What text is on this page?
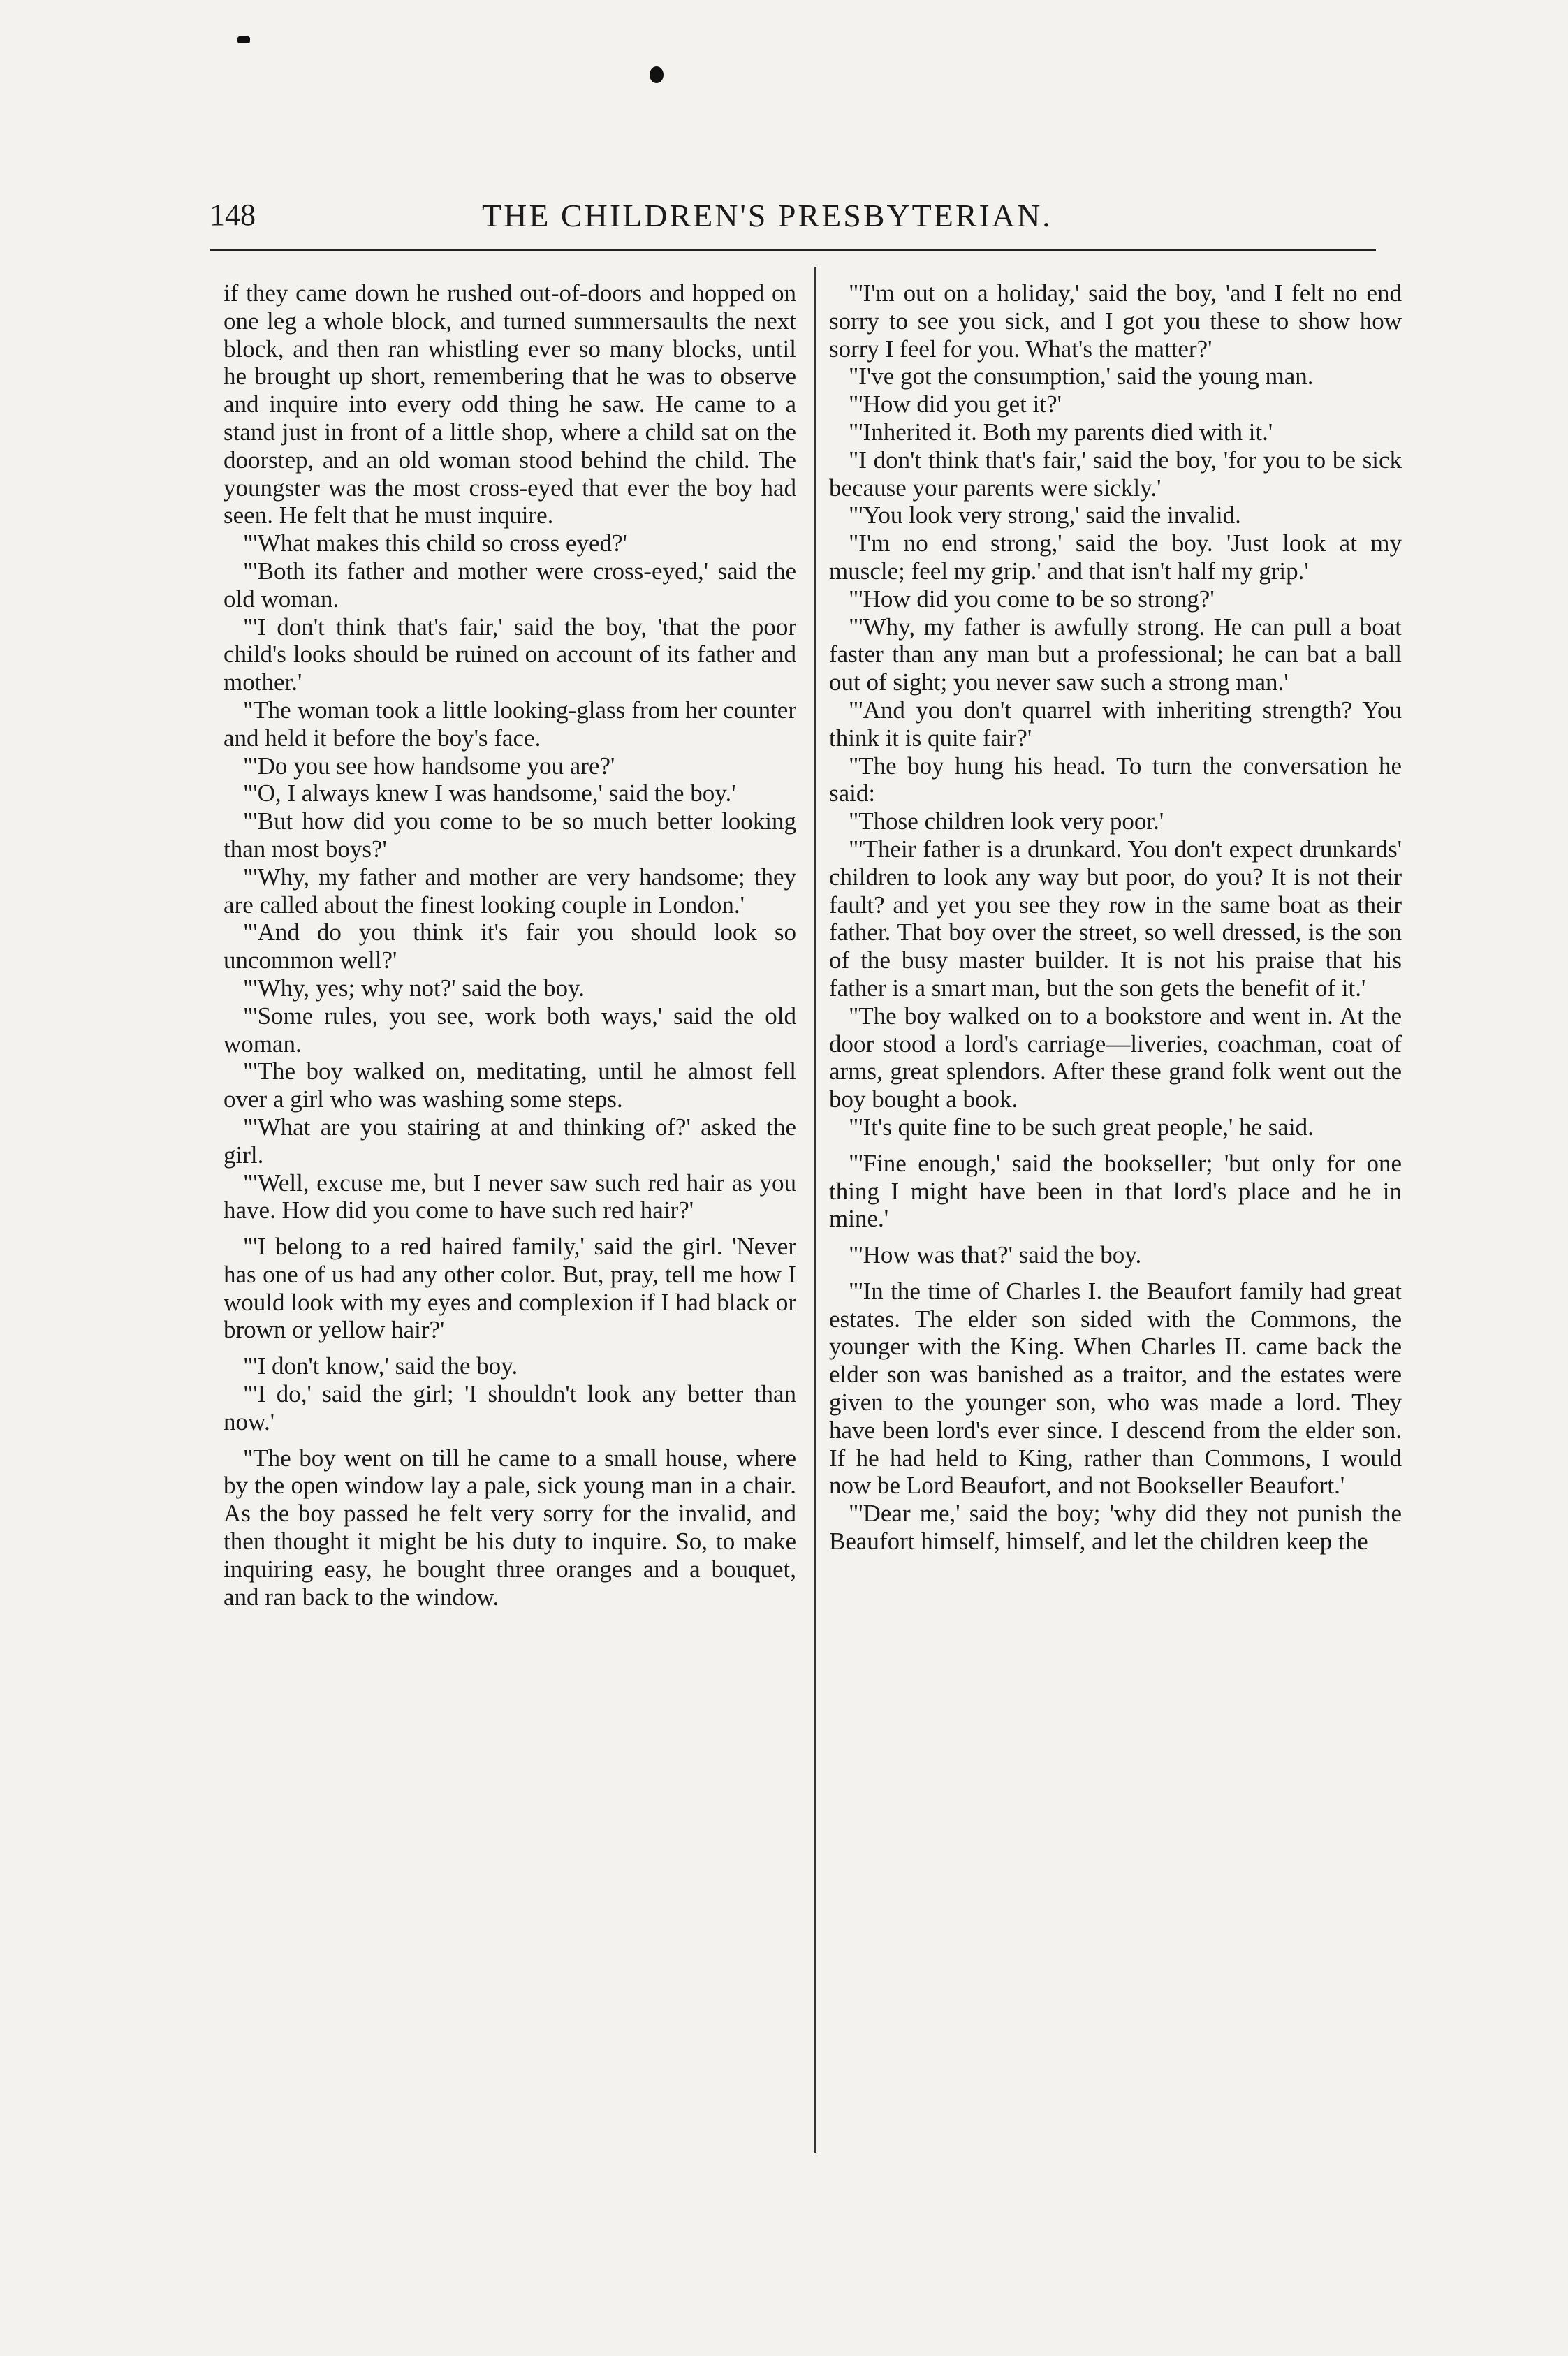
148	THE CHILDREN'S PRESBYTERIAN.

if they came down he rushed out-of-doors and hopped on one leg a whole block, and turned summersaults the next block, and then ran whistling ever so many blocks, until he brought up short, remembering that he was to observe and inquire into every odd thing he saw. He came to a stand just in front of a little shop, where a child sat on the doorstep, and an old woman stood behind the child. The youngster was the most cross-eyed that ever the boy had seen. He felt that he must inquire.

"'What makes this child so cross eyed?'

"'Both its father and mother were cross-eyed,' said the old woman.

"'I don't think that's fair,' said the boy, 'that the poor child's looks should be ruined on account of its father and mother.'

"The woman took a little looking-glass from her counter and held it before the boy's face.

"'Do you see how handsome you are?'

"'O, I always knew I was handsome,' said the boy.'

"'But how did you come to be so much better looking than most boys?'

"'Why, my father and mother are very handsome; they are called about the finest looking couple in London.'

"'And do you think it's fair you should look so uncommon well?'

"'Why, yes; why not?' said the boy.

"'Some rules, you see, work both ways,' said the old woman.

"'The boy walked on, meditating, until he almost fell over a girl who was washing some steps.

"'What are you stairing at and thinking of?' asked the girl.

"'Well, excuse me, but I never saw such red hair as you have. How did you come to have such red hair?'

"'I belong to a red haired family,' said the girl. 'Never has one of us had any other color. But, pray, tell me how I would look with my eyes and complexion if I had black or brown or yellow hair?'

"'I don't know,' said the boy.

"'I do,' said the girl; 'I shouldn't look any better than now.'

"The boy went on till he came to a small house, where by the open window lay a pale, sick young man in a chair. As the boy passed he felt very sorry for the invalid, and then thought it might be his duty to inquire. So, to make inquiring easy, he bought three oranges and a bouquet, and ran back to the window.

"'I'm out on a holiday,' said the boy, 'and I felt no end sorry to see you sick, and I got you these to show how sorry I feel for you. What's the matter?'

"I've got the consumption,' said the young man.

"'How did you get it?'

"'Inherited it. Both my parents died with it.'

"I don't think that's fair,' said the boy, 'for you to be sick because your parents were sickly.'

"'You look very strong,' said the invalid.

"I'm no end strong,' said the boy. 'Just look at my muscle; feel my grip.' and that isn't half my grip.'

"'How did you come to be so strong?'

"'Why, my father is awfully strong. He can pull a boat faster than any man but a professional; he can bat a ball out of sight; you never saw such a strong man.'

"'And you don't quarrel with inheriting strength? You think it is quite fair?'

"The boy hung his head. To turn the conversation he said:

"Those children look very poor.'

"'Their father is a drunkard. You don't expect drunkards' children to look any way but poor, do you? It is not their fault? and yet you see they row in the same boat as their father. That boy over the street, so well dressed, is the son of the busy master builder. It is not his praise that his father is a smart man, but the son gets the benefit of it.'

"The boy walked on to a bookstore and went in. At the door stood a lord's carriage—liveries, coachman, coat of arms, great splendors. After these grand folk went out the boy bought a book.

"'It's quite fine to be such great people,' he said.

"'Fine enough,' said the bookseller; 'but only for one thing I might have been in that lord's place and he in mine.'

"'How was that?' said the boy.

"'In the time of Charles I. the Beaufort family had great estates. The elder son sided with the Commons, the younger with the King. When Charles II. came back the elder son was banished as a traitor, and the estates were given to the younger son, who was made a lord. They have been lord's ever since. I descend from the elder son. If he had held to King, rather than Commons, I would now be Lord Beaufort, and not Bookseller Beaufort.'

"'Dear me,' said the boy; 'why did they not punish the Beaufort himself, himself, and let the children keep the
